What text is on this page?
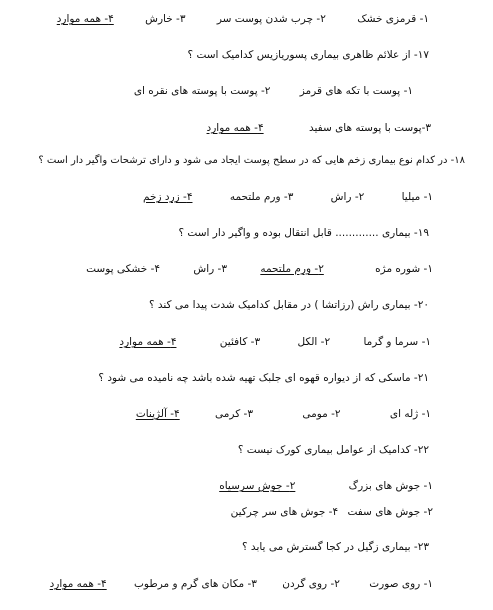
۱- قرمزی خشک ۲- چرب شدن پوست سر ۳- خارش ۴- همه موارد
۱۷- از علائم ظاهری بیماری پسوریازیس کدامیک است ؟
۱- پوست با تکه های قرمز ۲- پوست با پوسته های نقره ای
۳-پوست با پوسته های سفید ۴- همه موارد
۱۸- در کدام نوع بیماری زخم هایی که در سطح پوست ایجاد می شود و دارای ترشحات واگیر دار است ؟
۱- میلیا ۲- راش ۳- ورم ملتحمه ۴- زرد زخم
۱۹- بیماری ............. قابل انتقال بوده و واگیر دار است ؟
۱- شوره مژه ۲- ورم ملتحمه ۳- راش ۴- خشکی پوست
۲۰- بیماری راش (رزاتشا ) در مقابل کدامیک شدت پیدا می کند ؟
۱- سرما و گرما ۲- الکل ۳- کافئین ۴- همه موارد
۲۱- ماسکی که از دیواره قهوه ای جلبک تهیه شده باشد چه نامیده می شود ؟
۱- ژله ای ۲- مومی ۳- کرمی ۴- آلژینات
۲۲- کدامیک از عوامل بیماری کورک نیست ؟
۱- جوش های بزرگ ۲- جوش سرسیاه
۲- جوش های سفت ۴- جوش های سر چرکین
۲۳- بیماری زگیل در کجا گسترش می یابد ؟
۱- روی صورت ۲- روی گردن ۳- مکان های گرم و مرطوب ۴- همه موارد
